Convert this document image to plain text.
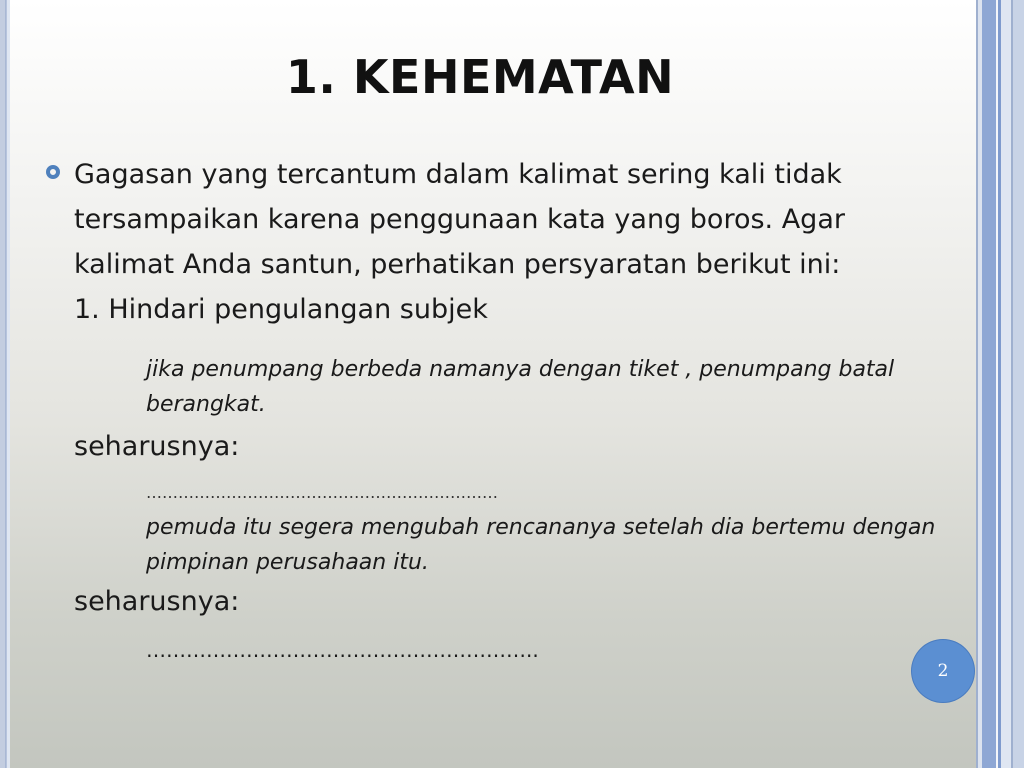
1. KEHEMATAN
Gagasan yang tercantum dalam kalimat sering kali tidak tersampaikan karena penggunaan kata yang boros. Agar kalimat Anda santun, perhatikan persyaratan berikut ini:
1. Hindari pengulangan subjek
jika penumpang berbeda namanya dengan tiket , penumpang batal berangkat.
seharusnya:
…………………………………………………………
pemuda itu segera mengubah rencananya setelah dia bertemu dengan pimpinan perusahaan itu.
seharusnya:
…………………………………………………..
2
